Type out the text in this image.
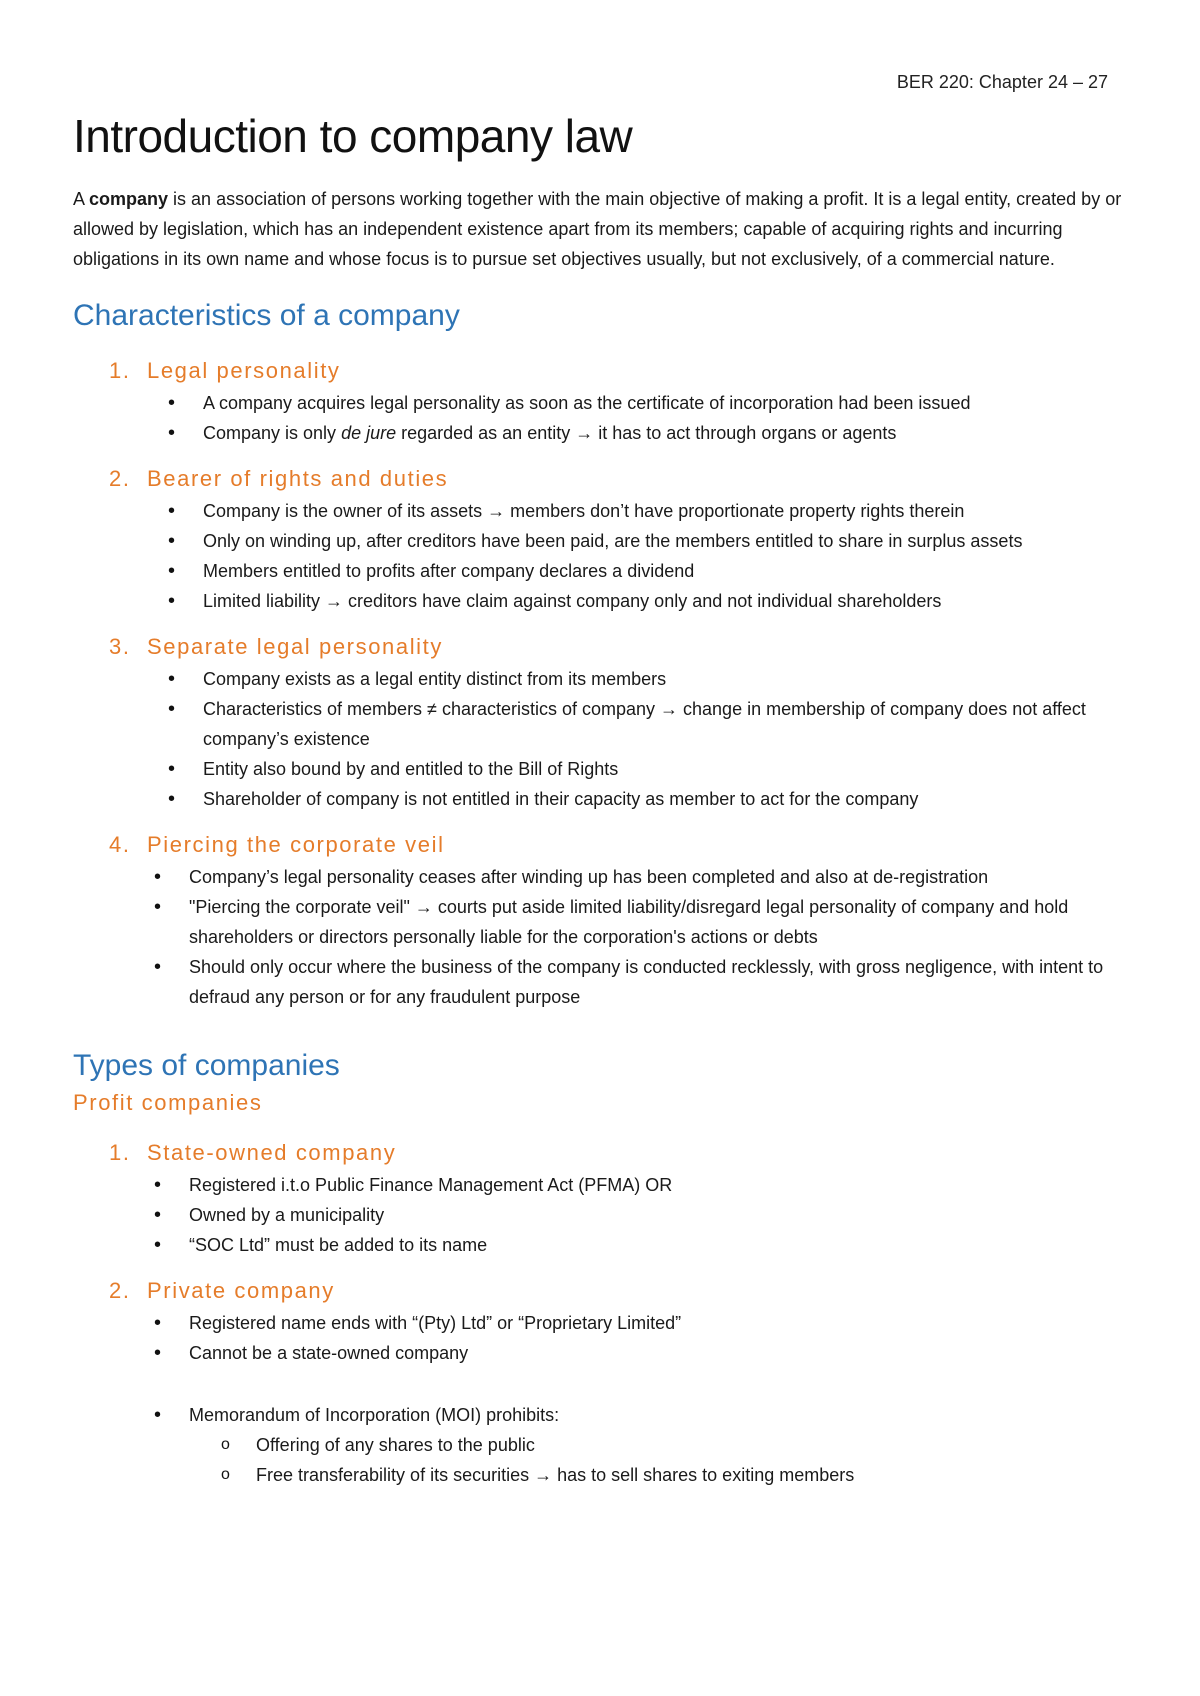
BER 220: Chapter 24 – 27
Introduction to company law

A company is an association of persons working together with the main objective of making a profit. It is a legal entity, created by or allowed by legislation, which has an independent existence apart from its members; capable of acquiring rights and incurring obligations in its own name and whose focus is to pursue set objectives usually, but not exclusively, of a commercial nature.

Characteristics of a company
1. Legal personality
• A company acquires legal personality as soon as the certificate of incorporation had been issued
• Company is only de jure regarded as an entity → it has to act through organs or agents
2. Bearer of rights and duties
• Company is the owner of its assets → members don’t have proportionate property rights therein
• Only on winding up, after creditors have been paid, are the members entitled to share in surplus assets
• Members entitled to profits after company declares a dividend
• Limited liability → creditors have claim against company only and not individual shareholders
3. Separate legal personality
• Company exists as a legal entity distinct from its members
• Characteristics of members ≠ characteristics of company → change in membership of company does not affect company’s existence
• Entity also bound by and entitled to the Bill of Rights
• Shareholder of company is not entitled in their capacity as member to act for the company
4. Piercing the corporate veil
• Company’s legal personality ceases after winding up has been completed and also at de-registration
• "Piercing the corporate veil" → courts put aside limited liability/disregard legal personality of company and hold shareholders or directors personally liable for the corporation's actions or debts
• Should only occur where the business of the company is conducted recklessly, with gross negligence, with intent to defraud any person or for any fraudulent purpose
Types of companies
Profit companies
1. State-owned company
• Registered i.t.o Public Finance Management Act (PFMA) OR
• Owned by a municipality
• “SOC Ltd” must be added to its name
2. Private company
• Registered name ends with “(Pty) Ltd” or “Proprietary Limited”
• Cannot be a state-owned company
• Memorandum of Incorporation (MOI) prohibits:
o Offering of any shares to the public
o Free transferability of its securities → has to sell shares to exiting members
